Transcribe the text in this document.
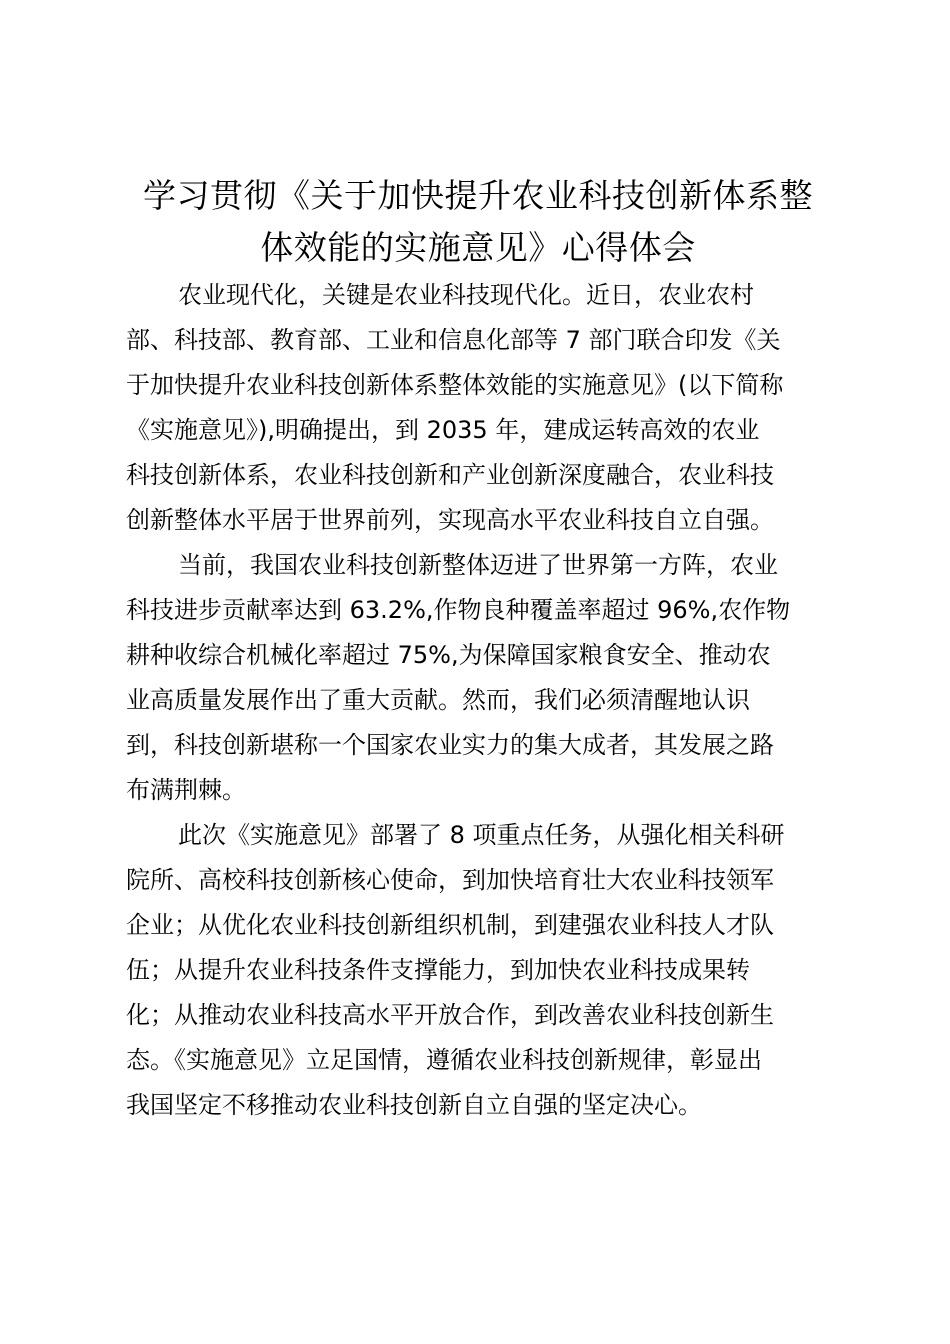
学习贯彻《关于加快提升农业科技创新体系整
体效能的实施意见》心得体会

农业现代化，关键是农业科技现代化。近日，农业农村
部、科技部、教育部、工业和信息化部等 7 部门联合印发《关
于加快提升农业科技创新体系整体效能的实施意见》(以下简称
《实施意见》),明确提出，到 2035 年，建成运转高效的农业
科技创新体系，农业科技创新和产业创新深度融合，农业科技
创新整体水平居于世界前列，实现高水平农业科技自立自强。

当前，我国农业科技创新整体迈进了世界第一方阵，农业
科技进步贡献率达到 63.2%,作物良种覆盖率超过 96%,农作物
耕种收综合机械化率超过 75%,为保障国家粮食安全、推动农
业高质量发展作出了重大贡献。然而，我们必须清醒地认识
到，科技创新堪称一个国家农业实力的集大成者，其发展之路
布满荆棘。

此次《实施意见》部署了 8 项重点任务，从强化相关科研
院所、高校科技创新核心使命，到加快培育壮大农业科技领军
企业；从优化农业科技创新组织机制，到建强农业科技人才队
伍；从提升农业科技条件支撑能力，到加快农业科技成果转
化；从推动农业科技高水平开放合作，到改善农业科技创新生
态。《实施意见》立足国情，遵循农业科技创新规律，彰显出
我国坚定不移推动农业科技创新自立自强的坚定决心。
